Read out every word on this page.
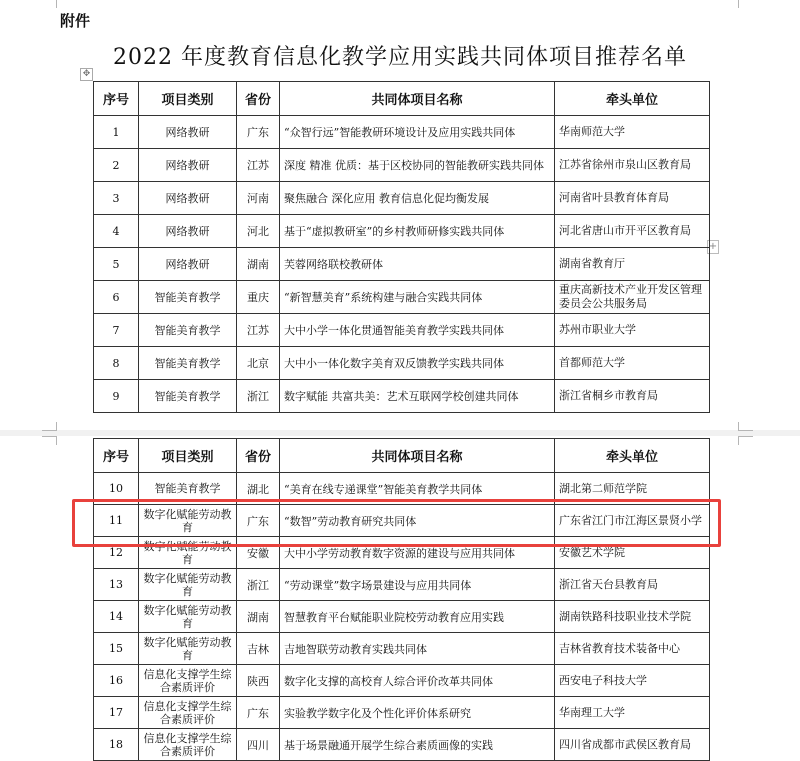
附件
2022 年度教育信息化教学应用实践共同体项目推荐名单
✥
+
序号	项目类别	省份	共同体项目名称	牵头单位
1	网络教研	广东	“众智行远”智能教研环境设计及应用实践共同体	华南师范大学
2	网络教研	江苏	深度 精准 优质：基于区校协同的智能教研实践共同体	江苏省徐州市泉山区教育局
3	网络教研	河南	聚焦融合 深化应用 教育信息化促均衡发展	河南省叶县教育体育局
4	网络教研	河北	基于“虚拟教研室”的乡村教师研修实践共同体	河北省唐山市开平区教育局
5	网络教研	湖南	芙蓉网络联校教研体	湖南省教育厅
6	智能美育教学	重庆	“新智慧美育”系统构建与融合实践共同体	重庆高新技术产业开发区管理委员会公共服务局
7	智能美育教学	江苏	大中小学一体化贯通智能美育教学实践共同体	苏州市职业大学
8	智能美育教学	北京	大中小一体化数字美育双反馈教学实践共同体	首都师范大学
9	智能美育教学	浙江	数字赋能 共富共美：艺术互联网学校创建共同体	浙江省桐乡市教育局
序号	项目类别	省份	共同体项目名称	牵头单位
10	智能美育教学	湖北	“美育在线专递课堂”智能美育教学共同体	湖北第二师范学院
11	数字化赋能劳动教育	广东	“数智”劳动教育研究共同体	广东省江门市江海区景贤小学
12	数字化赋能劳动教育	安徽	大中小学劳动教育数字资源的建设与应用共同体	安徽艺术学院
13	数字化赋能劳动教育	浙江	“劳动课堂”数字场景建设与应用共同体	浙江省天台县教育局
14	数字化赋能劳动教育	湖南	智慧教育平台赋能职业院校劳动教育应用实践	湖南铁路科技职业技术学院
15	数字化赋能劳动教育	吉林	吉地智联劳动教育实践共同体	吉林省教育技术装备中心
16	信息化支撑学生综合素质评价	陕西	数字化支撑的高校育人综合评价改革共同体	西安电子科技大学
17	信息化支撑学生综合素质评价	广东	实验教学数字化及个性化评价体系研究	华南理工大学
18	信息化支撑学生综合素质评价	四川	基于场景融通开展学生综合素质画像的实践	四川省成都市武侯区教育局
